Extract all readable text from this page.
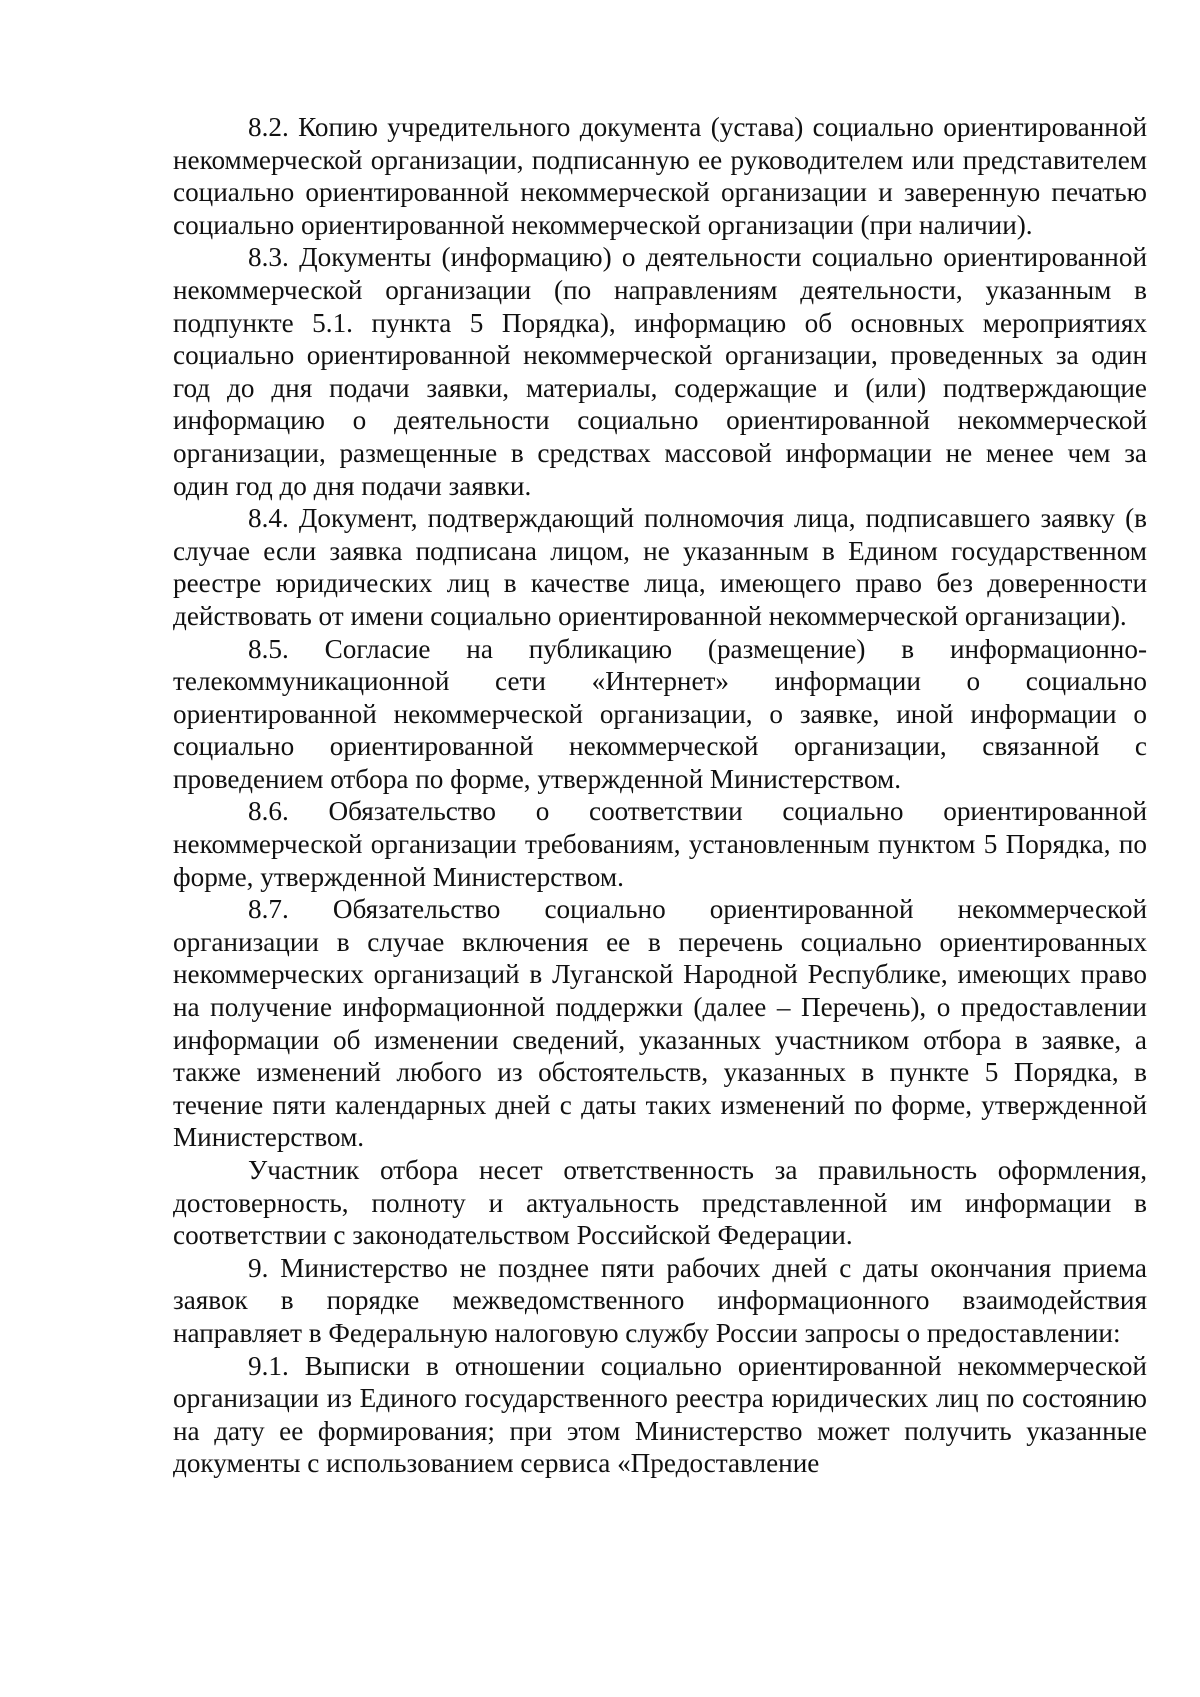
8.2. Копию учредительного документа (устава) социально ориентированной некоммерческой организации, подписанную ее руководителем или представителем социально ориентированной некоммерческой организации и заверенную печатью социально ориентированной некоммерческой организации (при наличии).

8.3. Документы (информацию) о деятельности социально ориентированной некоммерческой организации (по направлениям деятельности, указанным в подпункте 5.1. пункта 5 Порядка), информацию об основных мероприятиях социально ориентированной некоммерческой организации, проведенных за один год до дня подачи заявки, материалы, содержащие и (или) подтверждающие информацию о деятельности социально ориентированной некоммерческой организации, размещенные в средствах массовой информации не менее чем за один год до дня подачи заявки.

8.4. Документ, подтверждающий полномочия лица, подписавшего заявку (в случае если заявка подписана лицом, не указанным в Едином государственном реестре юридических лиц в качестве лица, имеющего право без доверенности действовать от имени социально ориентированной некоммерческой организации).

8.5. Согласие на публикацию (размещение) в информационно-телекоммуникационной сети «Интернет» информации о социально ориентированной некоммерческой организации, о заявке, иной информации о социально ориентированной некоммерческой организации, связанной с проведением отбора по форме, утвержденной Министерством.

8.6. Обязательство о соответствии социально ориентированной некоммерческой организации требованиям, установленным пунктом 5 Порядка, по форме, утвержденной Министерством.

8.7. Обязательство социально ориентированной некоммерческой организации в случае включения ее в перечень социально ориентированных некоммерческих организаций в Луганской Народной Республике, имеющих право на получение информационной поддержки (далее – Перечень), о предоставлении информации об изменении сведений, указанных участником отбора в заявке, а также изменений любого из обстоятельств, указанных в пункте 5 Порядка, в течение пяти календарных дней с даты таких изменений по форме, утвержденной Министерством.

Участник отбора несет ответственность за правильность оформления, достоверность, полноту и актуальность представленной им информации в соответствии с законодательством Российской Федерации.

9. Министерство не позднее пяти рабочих дней с даты окончания приема заявок в порядке межведомственного информационного взаимодействия направляет в Федеральную налоговую службу России запросы о предоставлении:

9.1. Выписки в отношении социально ориентированной некоммерческой организации из Единого государственного реестра юридических лиц по состоянию на дату ее формирования; при этом Министерство может получить указанные документы с использованием сервиса «Предоставление
